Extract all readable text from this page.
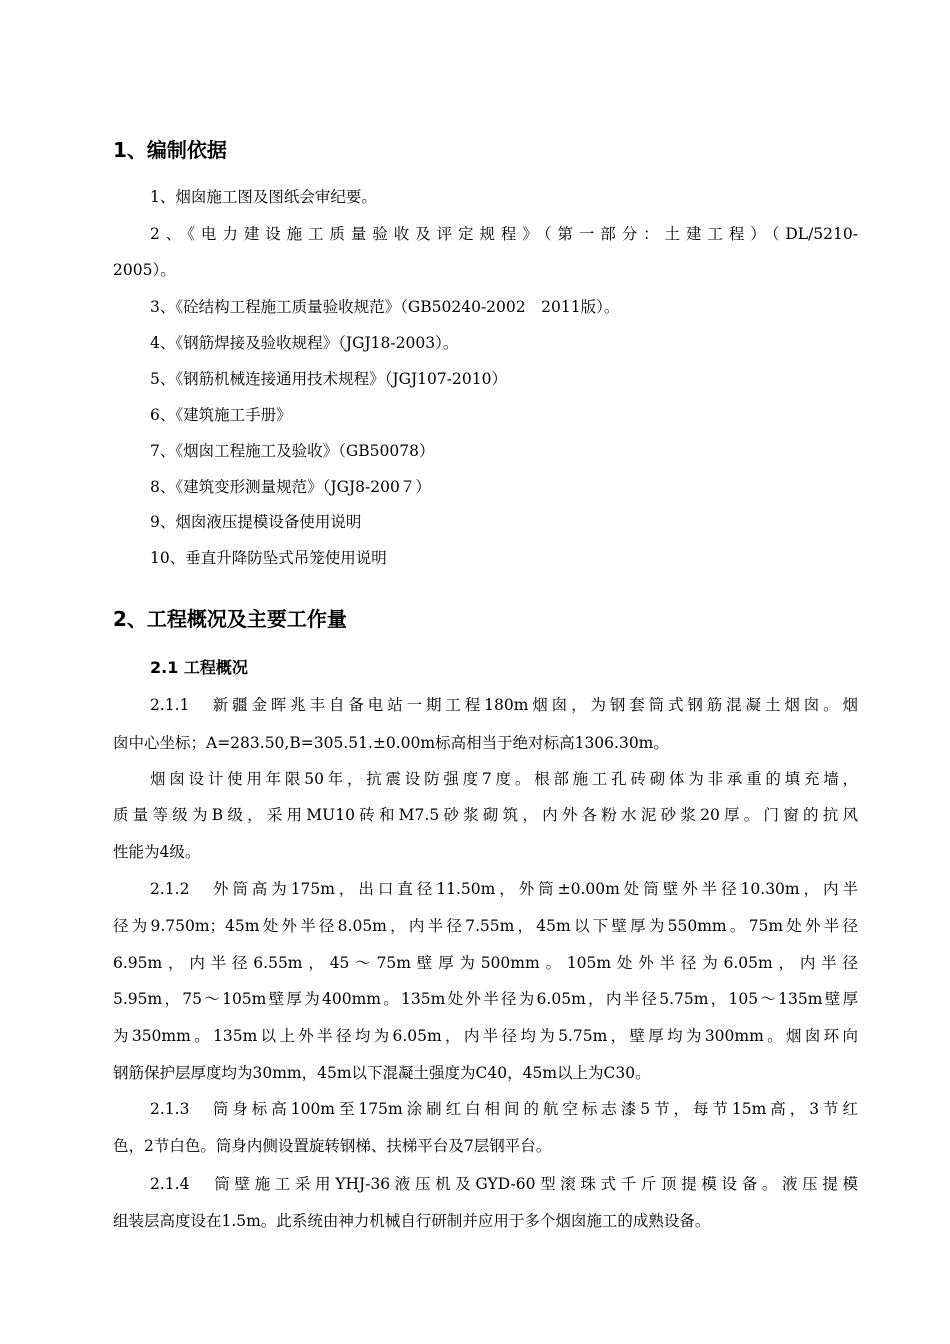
1、编制依据
1、烟囱施工图及图纸会审纪要。
2、《电力建设施工质量验收及评定规程》（第一部分：土建工程）（DL/5210-
2005）。
3、《砼结构工程施工质量验收规范》（GB50240-2002　2011版）。
4、《钢筋焊接及验收规程》（JGJ18-2003）。
5、《钢筋机械连接通用技术规程》（JGJ107-2010）
6、《建筑施工手册》
7、《烟囱工程施工及验收》（GB50078）
8、《建筑变形测量规范》（JGJ8-200７）
9、烟囱液压提模设备使用说明
10、垂直升降防坠式吊笼使用说明
2、工程概况及主要工作量
2.1 工程概况
2.1.1　新疆金晖兆丰自备电站一期工程180m烟囱，为钢套筒式钢筋混凝土烟囱。烟
囱中心坐标；A=283.50,B=305.51.±0.00m标高相当于绝对标高1306.30m。
烟囱设计使用年限50年，抗震设防强度7度。根部施工孔砖砌体为非承重的填充墙，
质量等级为B级，采用MU10砖和M7.5砂浆砌筑，内外各粉水泥砂浆20厚。门窗的抗风
性能为4级。
2.1.2　外筒高为175m，出口直径11.50m，外筒±0.00m处筒壁外半径10.30m，内半
径为9.750m；45m处外半径8.05m，内半径7.55m，45m以下壁厚为550mm。75m处外半径
6.95m，内半径6.55m，45～75m壁厚为500mm。105m处外半径为6.05m，内半径
5.95m，75～105m壁厚为400mm。135m处外半径为6.05m，内半径5.75m，105～135m壁厚
为350mm。135m以上外半径均为6.05m，内半径均为5.75m，壁厚均为300mm。烟囱环向
钢筋保护层厚度均为30mm，45m以下混凝土强度为C40，45m以上为C30。
2.1.3　筒身标高100m至175m涂刷红白相间的航空标志漆5节，每节15m高，3节红
色，2节白色。筒身内侧设置旋转钢梯、扶梯平台及7层钢平台。
2.1.4　筒壁施工采用YHJ-36液压机及GYD-60型滚珠式千斤顶提模设备。液压提模
组装层高度设在1.5m。此系统由神力机械自行研制并应用于多个烟囱施工的成熟设备。
